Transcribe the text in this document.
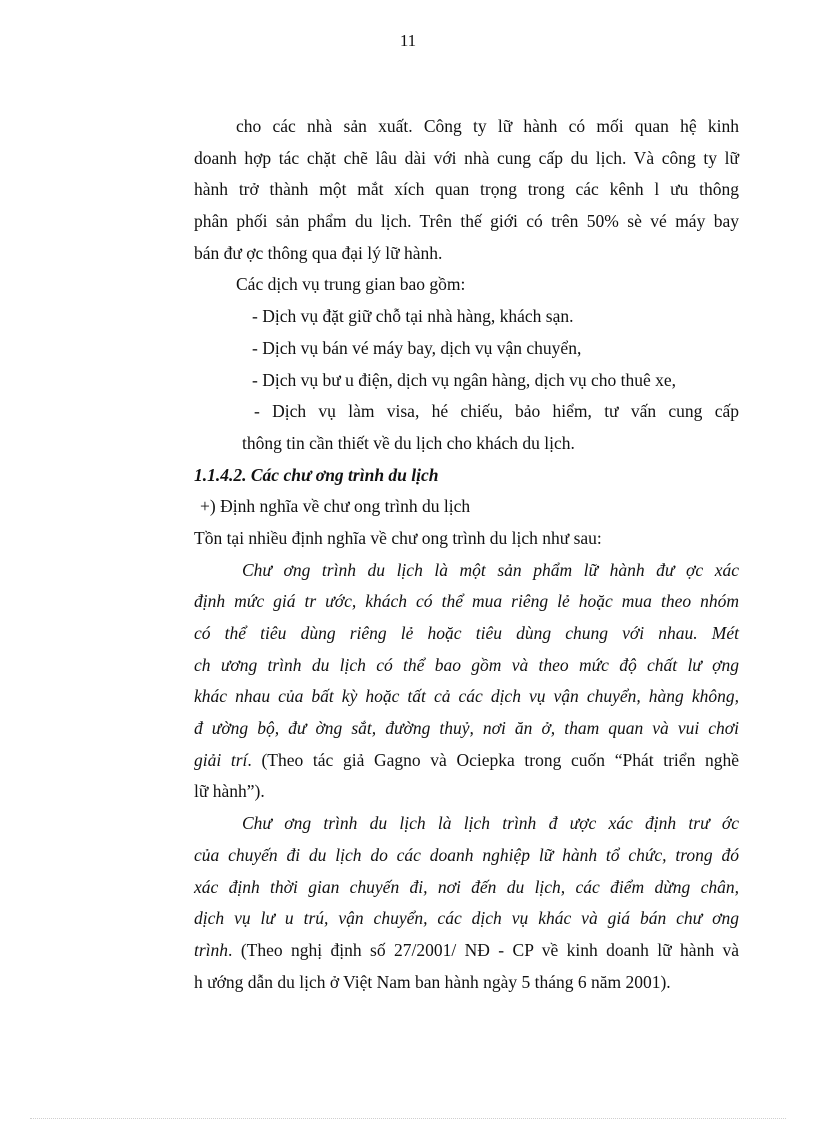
11
cho các nhà sản xuất. Công ty lữ hành có mối quan hệ kinh
doanh hợp tác chặt chẽ lâu dài với nhà cung cấp du lịch. Và công ty lữ
hành trở thành một mắt xích quan trọng trong các kênh l ưu thông
phân phối sản phẩm du lịch. Trên thế giới có trên 50% sè vé máy bay
bán đư ợc thông qua đại lý lữ hành.
Các dịch vụ trung gian bao gồm:
- Dịch vụ đặt giữ chỗ tại nhà hàng, khách sạn.
- Dịch vụ bán vé máy bay, dịch vụ vận chuyển,
- Dịch vụ bư u điện, dịch vụ ngân hàng, dịch vụ cho thuê xe,
- Dịch vụ làm visa, hé chiếu, bảo hiểm, tư vấn cung cấp
thông tin cần thiết về du lịch cho khách du lịch.
1.1.4.2. Các chư ơng trình du lịch
+) Định nghĩa về chư ong trình du lịch
Tồn tại nhiều định nghĩa về chư ong trình du lịch như sau:
Chư ơng trình du lịch là một sản phẩm lữ hành đư ợc xác
định mức giá tr ước, khách có thể mua riêng lẻ hoặc mua theo nhóm
có thể tiêu dùng riêng lẻ hoặc tiêu dùng chung với nhau. Mét
ch ương trình du lịch có thể bao gồm và theo mức độ chất lư ợng
khác nhau của bất kỳ hoặc tất cả các dịch vụ vận chuyển, hàng không,
đ ường bộ, đư ờng sắt, đường thuỷ, nơi ăn ở, tham quan và vui chơi
giải trí. (Theo tác giả Gagno và Ociepka trong cuốn “Phát triển nghề
lữ hành”).
Chư ơng trình du lịch là lịch trình đ ược xác định trư ớc
của chuyến đi du lịch do các doanh nghiệp lữ hành tổ chức, trong đó
xác định thời gian chuyến đi, nơi đến du lịch, các điểm dừng chân,
dịch vụ lư u trú, vận chuyển, các dịch vụ khác và giá bán chư ơng
trình. (Theo nghị định số 27/2001/ NĐ - CP về kinh doanh lữ hành và
h ướng dẫn du lịch ở Việt Nam ban hành ngày 5 tháng 6 năm 2001).
